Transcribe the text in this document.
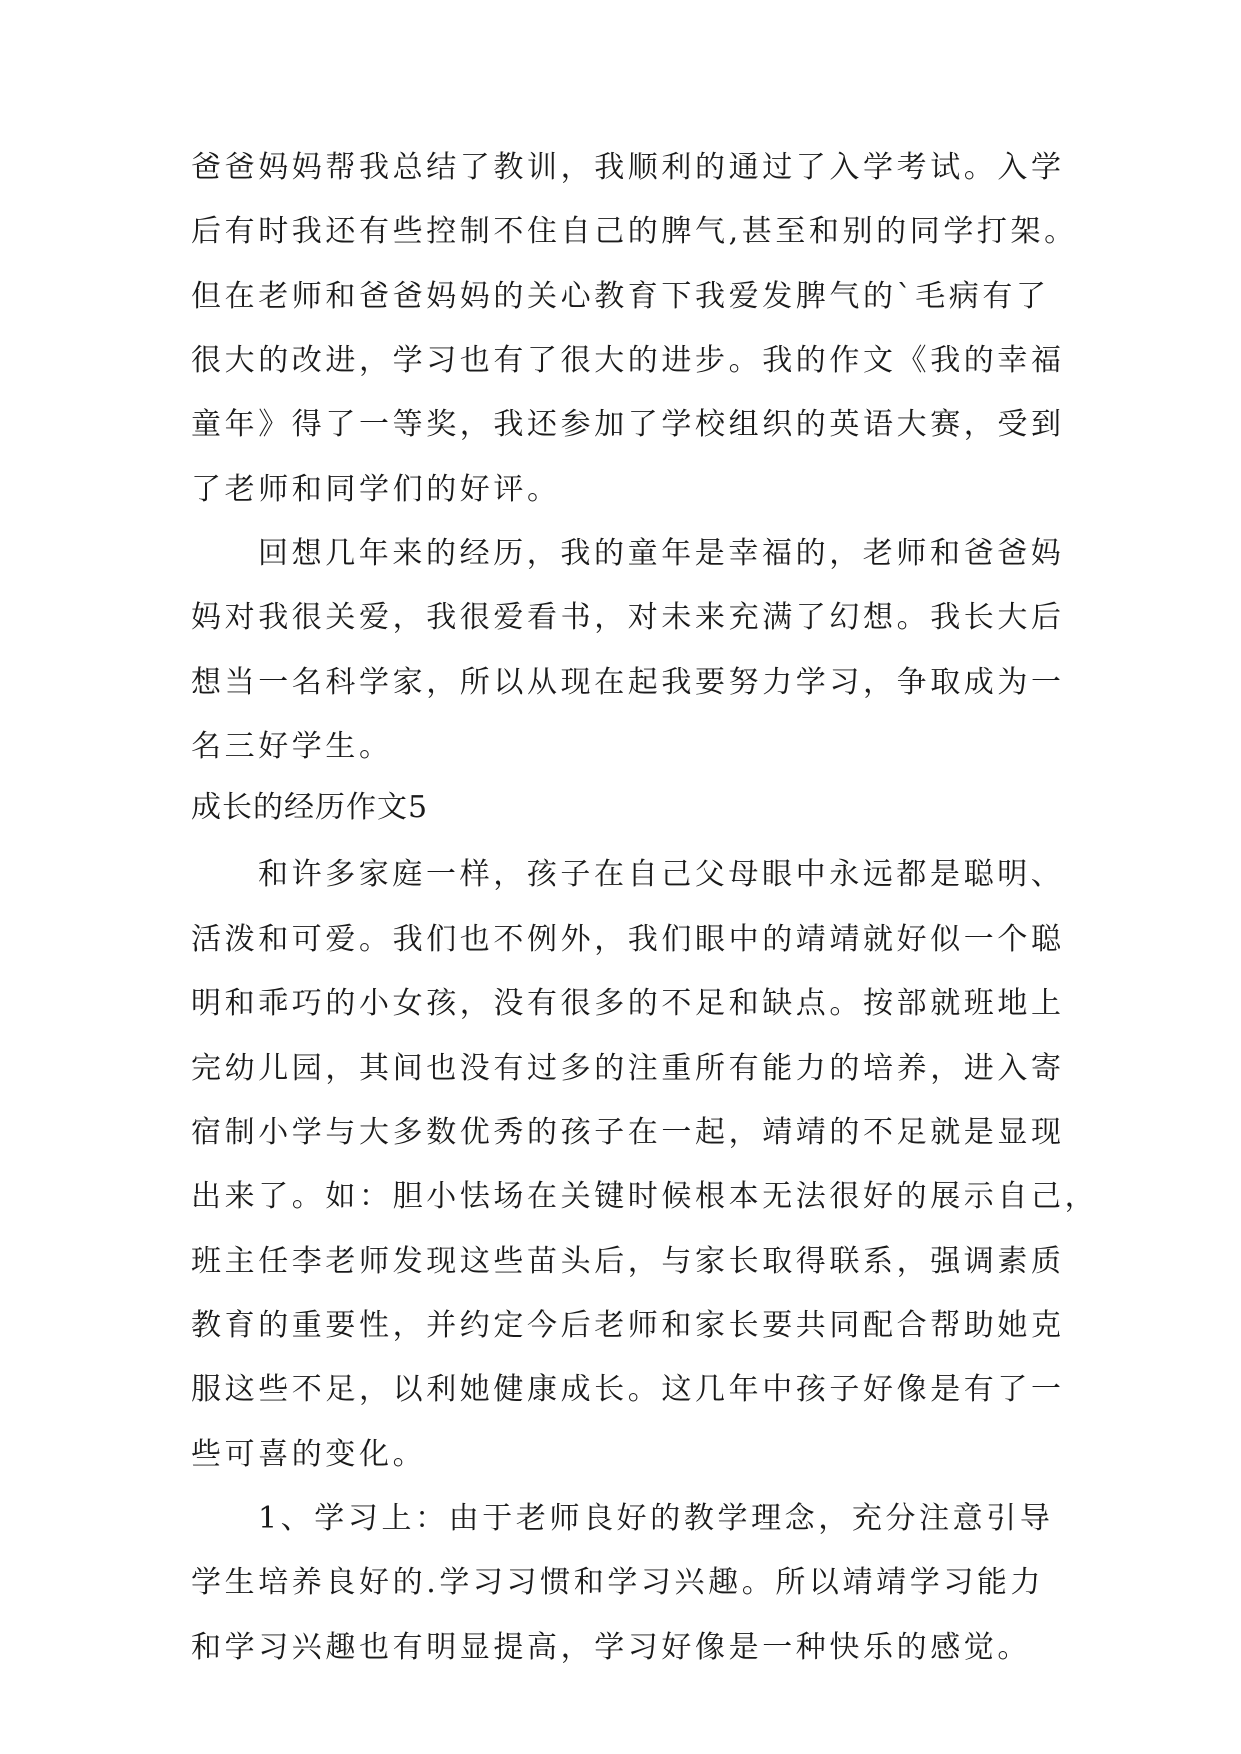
爸爸妈妈帮我总结了教训，我顺利的通过了入学考试。入学
后有时我还有些控制不住自己的脾气,甚至和别的同学打架。
但在老师和爸爸妈妈的关心教育下我爱发脾气的`毛病有了
很大的改进，学习也有了很大的进步。我的作文《我的幸福
童年》得了一等奖，我还参加了学校组织的英语大赛，受到
了老师和同学们的好评。
回想几年来的经历，我的童年是幸福的，老师和爸爸妈
妈对我很关爱，我很爱看书，对未来充满了幻想。我长大后
想当一名科学家，所以从现在起我要努力学习，争取成为一
名三好学生。
成长的经历作文5
和许多家庭一样，孩子在自己父母眼中永远都是聪明、
活泼和可爱。我们也不例外，我们眼中的靖靖就好似一个聪
明和乖巧的小女孩，没有很多的不足和缺点。按部就班地上
完幼儿园，其间也没有过多的注重所有能力的培养，进入寄
宿制小学与大多数优秀的孩子在一起，靖靖的不足就是显现
出来了。如：胆小怯场在关键时候根本无法很好的展示自己，
班主任李老师发现这些苗头后，与家长取得联系，强调素质
教育的重要性，并约定今后老师和家长要共同配合帮助她克
服这些不足，以利她健康成长。这几年中孩子好像是有了一
些可喜的变化。
1、学习上：由于老师良好的教学理念，充分注意引导
学生培养良好的.学习习惯和学习兴趣。所以靖靖学习能力
和学习兴趣也有明显提高，学习好像是一种快乐的感觉。
